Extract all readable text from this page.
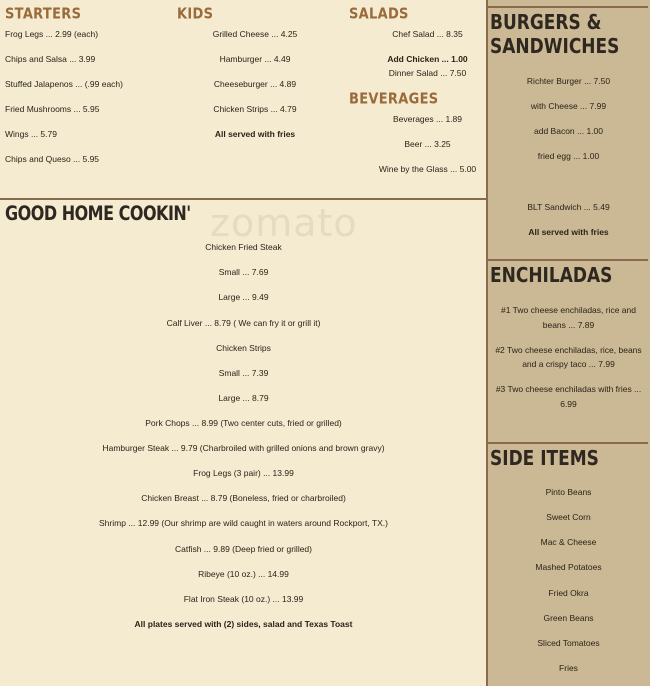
zomato
STARTERS
Frog Legs ... 2.99 (each)
Chips and Salsa ... 3.99
Stuffed Jalapenos ... (.99 each)
Fried Mushrooms ... 5.95
Wings ... 5.79
Chips and Queso ... 5.95
KIDS
Grilled Cheese ... 4.25
Hamburger ... 4.49
Cheeseburger ... 4.89
Chicken Strips ... 4.79
All served with fries
SALADS
Chef Salad ... 8.35
Add Chicken ... 1.00
Dinner Salad ... 7.50
BEVERAGES
Beverages ... 1.89
Beer ... 3.25
Wine by the Glass ... 5.00
GOOD HOME COOKIN'
Chicken Fried Steak
Small ... 7.69
Large ... 9.49
Calf Liver ... 8.79 ( We can fry it or grill it)
Chicken Strips
Small ... 7.39
Large ... 8.79
Pork Chops ... 8.99 (Two center cuts, fried or grilled)
Hamburger Steak ... 9.79 (Charbroiled with grilled onions and brown gravy)
Frog Legs (3 pair) ... 13.99
Chicken Breast ... 8.79 (Boneless, fried or charbroiled)
Shrimp ... 12.99 (Our shrimp are wild caught in waters around Rockport, TX.)
Catfish ... 9.89 (Deep fried or grilled)
Ribeye (10 oz.) ... 14.99
Flat Iron Steak (10 oz.) ... 13.99
All plates served with (2) sides, salad and Texas Toast
BURGERS &
SANDWICHES
Richter Burger ... 7.50
with Cheese ... 7.99
add Bacon ... 1.00
fried egg ... 1.00
BLT Sandwich ... 5.49
All served with fries
ENCHILADAS
#1 Two cheese enchiladas, rice and
beans ... 7.89
#2 Two cheese enchiladas, rice, beans
and a crispy taco ... 7.99
#3 Two cheese enchiladas with fries ...
6.99
SIDE ITEMS
Pinto Beans
Sweet Corn
Mac & Cheese
Mashed Potatoes
Fried Okra
Green Beans
Sliced Tomatoes
Fries
